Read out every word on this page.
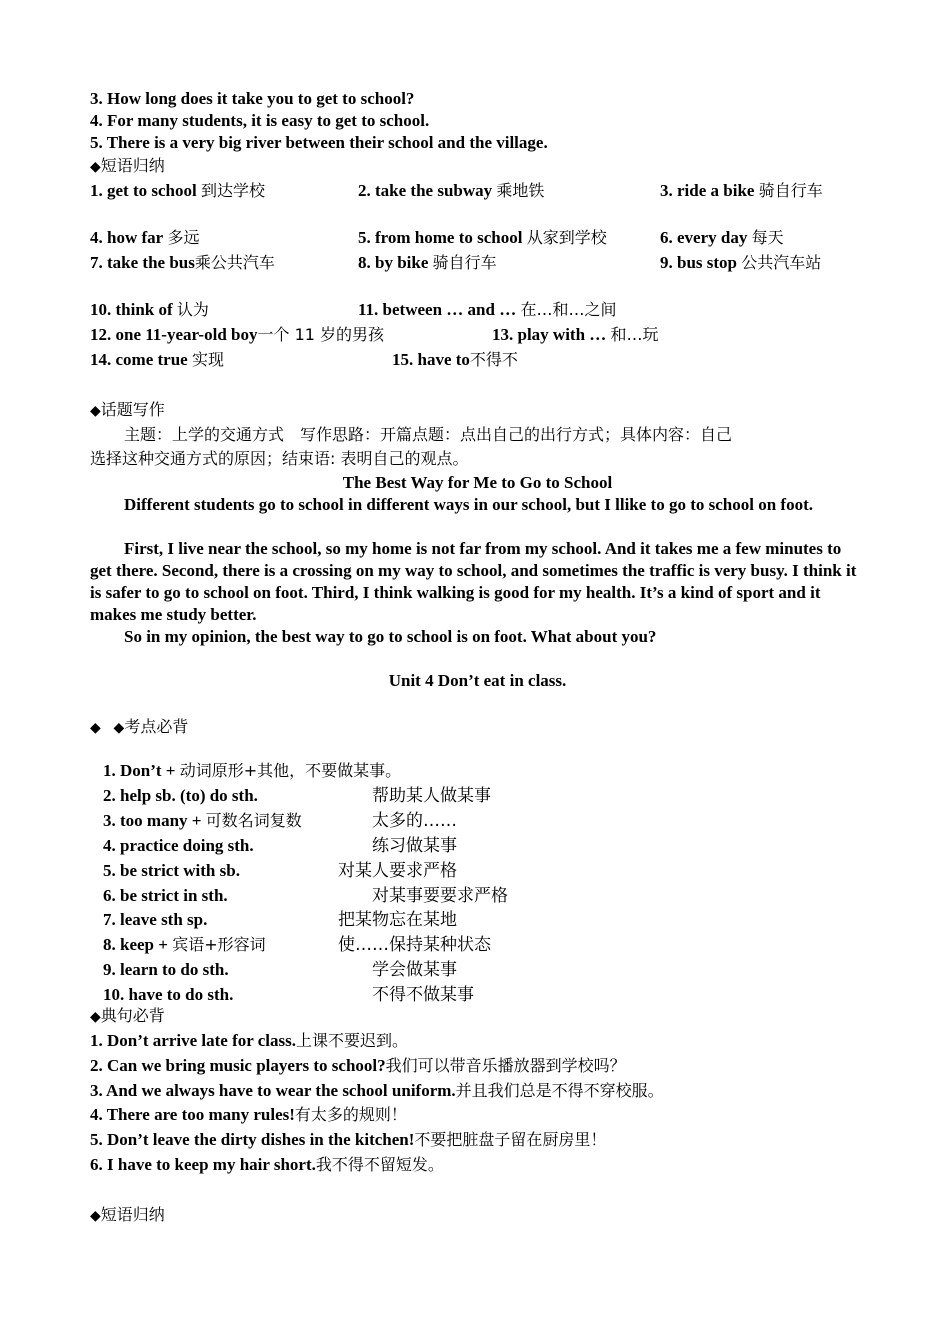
3. How long does it take you to get to school?
4. For many students, it is easy to get to school.
5. There is a very big river between their school and the village.
◆短语归纳
1. get to school 到达学校	2. take the subway 乘地铁	3. ride a bike 骑自行车
4. how far 多远	5. from home to school 从家到学校	6. every day 每天
7. take the bus乘公共汽车	8. by bike 骑自行车	9. bus stop 公共汽车站
10. think of 认为	11. between … and … 在…和…之间
12. one 11-year-old boy一个 11 岁的男孩	13. play with … 和…玩
14. come true 实现	15. have to不得不
◆话题写作
主题：上学的交通方式　写作思路：开篇点题：点出自己的出行方式；具体内容：自己
选择这种交通方式的原因；结束语: 表明自己的观点。
The Best Way for Me to Go to School
Different students go to school in different ways in our school, but I llike to go to school on foot.
First, I live near the school, so my home is not far from my school. And it takes me a few minutes to get there. Second, there is a crossing on my way to school, and sometimes the traffic is very busy. I think it is safer to go to school on foot. Third, I think walking is good for my health. It’s a kind of sport and it makes me study better.
So in my opinion, the best way to go to school is on foot. What about you?
Unit 4 Don’t eat in class.
◆ ◆考点必背
1. Don’t + 动词原形+其他，不要做某事。
2. help sb. (to) do sth.	帮助某人做某事
3. too many + 可数名词复数	太多的……
4. practice doing sth.	练习做某事
5. be strict with sb.	对某人要求严格
6. be strict in sth.	对某事要要求严格
7. leave sth sp.	把某物忘在某地
8. keep + 宾语+形容词	使……保持某种状态
9. learn to do sth.	学会做某事
10. have to do sth.	不得不做某事
◆典句必背
1. Don’t arrive late for class.上课不要迟到。
2. Can we bring music players to school?我们可以带音乐播放器到学校吗？
3. And we always have to wear the school uniform.并且我们总是不得不穿校服。
4. There are too many rules!有太多的规则！
5. Don’t leave the dirty dishes in the kitchen!不要把脏盘子留在厨房里！
6. I have to keep my hair short.我不得不留短发。
◆短语归纳
